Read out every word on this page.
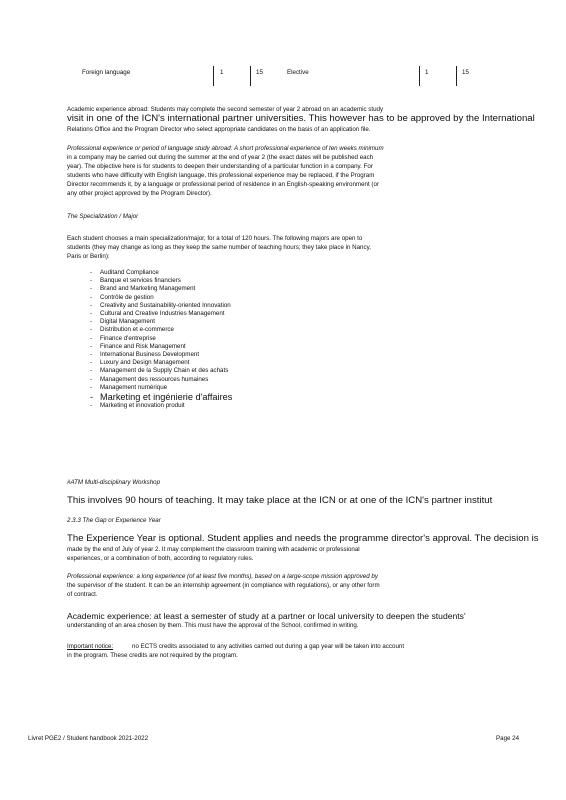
Foreign language	1	15	Elective	1	15
Academic experience abroad: Students may complete the second semester of year 2 abroad on an academic study
visit in one of the ICN's international partner universities. This however has to be approved by the International
Relations Office and the Program Director who select appropriate candidates on the basis of an application file.
Professional experience or period of language study abroad: A short professional experience of ten weeks minimum
in a company may be carried out during the summer at the end of year 2 (the exact dates will be published each
year). The objective here is for students to deepen their understanding of a particular function in a company. For
students who have difficulty with English language, this professional experience may be replaced, if the Program
Director recommends it, by a language or professional period of residence in an English-speaking environment (or
any other project approved by the Program Director).
The Specialization / Major
Each student chooses a main specialization/major, for a total of 120 hours. The following majors are open to
students (they may change as long as they keep the same number of teaching hours; they take place in Nancy,
Paris or Berlin):
- Auditand Compliance
- Banque et services financiers
- Brand and Marketing Management
- Contrôle de gestion
- Creativity and Sustainability-oriented Innovation
- Cultural and Creative Industries Management
- Digital Management
- Distribution et e-commerce
- Finance d'entreprise
- Finance and Risk Management
- International Business Development
- Luxury and Design Management
- Management de la Supply Chain et des achats
- Management des ressources humaines
- Management numérique
- Marketing et ingénierie d'affaires
- Marketing et innovation produit
#ATM Multi-disciplinary Workshop
This involves 90 hours of teaching. It may take place at the ICN or at one of the ICN's partner institut
2.3.3 The Gap or Experience Year
The Experience Year is optional. Student applies and needs the programme director's approval. The decision is
made by the end of July of year 2. It may complement the classroom training with academic or professional
experiences, or a combination of both, according to regulatory rules.
Professional experience: a long experience (of at least five months), based on a large-scope mission approved by
the supervisor of the student. It can be an internship agreement (in compliance with regulations), or any other form
of contract.
Academic experience: at least a semester of study at a partner or local university to deepen the students'
understanding of an area chosen by them. This must have the approval of the School, confirmed in writing.
Important notice:	no ECTS credits associated to any activities carried out during a gap year will be taken into account
in the program. These credits are not required by the program.
Livret PGE2 / Student handbook 2021-2022	Page 24
